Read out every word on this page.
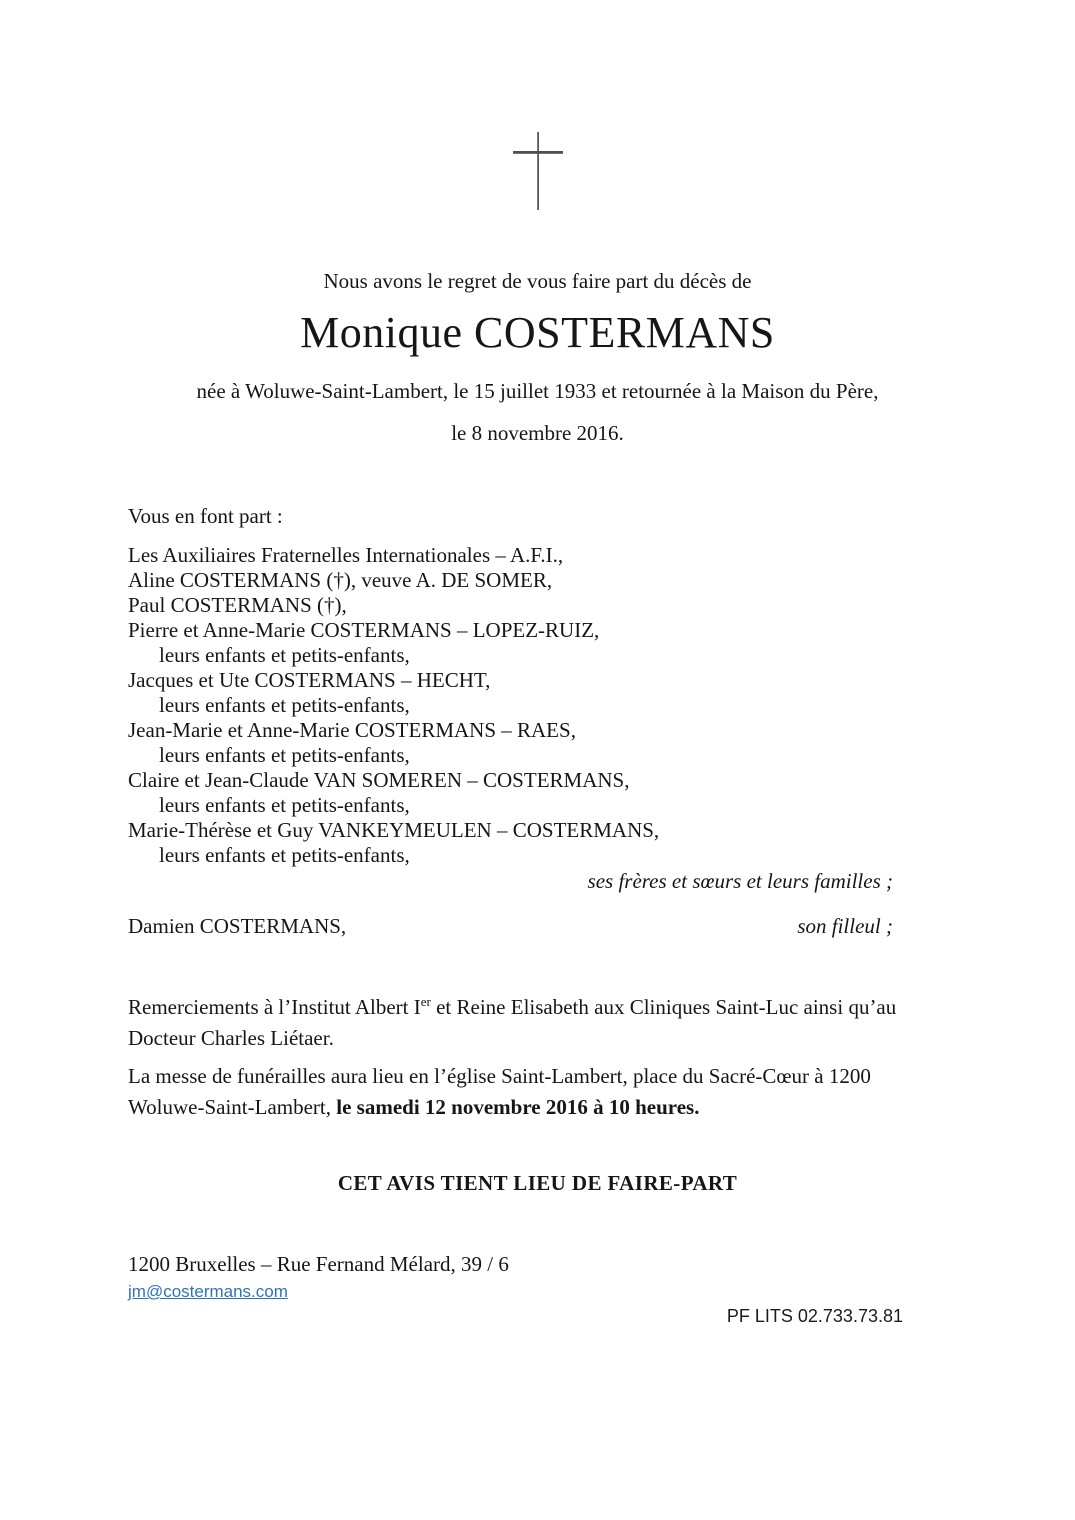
Nous avons le regret de vous faire part du décès de
Monique COSTERMANS
née à Woluwe-Saint-Lambert, le 15 juillet 1933 et retournée à la Maison du Père,
le 8 novembre 2016.
Vous en font part :
Les Auxiliaires Fraternelles Internationales – A.F.I.,
Aline COSTERMANS (†), veuve A. DE SOMER,
Paul COSTERMANS (†),
Pierre et Anne-Marie COSTERMANS – LOPEZ-RUIZ,
leurs enfants et petits-enfants,
Jacques et Ute COSTERMANS – HECHT,
leurs enfants et petits-enfants,
Jean-Marie et Anne-Marie COSTERMANS – RAES,
leurs enfants et petits-enfants,
Claire et Jean-Claude VAN SOMEREN – COSTERMANS,
leurs enfants et petits-enfants,
Marie-Thérèse et Guy VANKEYMEULEN – COSTERMANS,
leurs enfants et petits-enfants,
ses frères et sœurs et leurs familles ;
Damien COSTERMANS,	son filleul ;
Remerciements à l’Institut Albert Ier et Reine Elisabeth aux Cliniques Saint-Luc ainsi qu’au
Docteur Charles Liétaer.
La messe de funérailles aura lieu en l’église Saint-Lambert, place du Sacré-Cœur à 1200
Woluwe-Saint-Lambert, le samedi 12 novembre 2016 à 10 heures.
CET AVIS TIENT LIEU DE FAIRE-PART
1200 Bruxelles – Rue Fernand Mélard, 39 / 6
jm@costermans.com
PF LITS 02.733.73.81
